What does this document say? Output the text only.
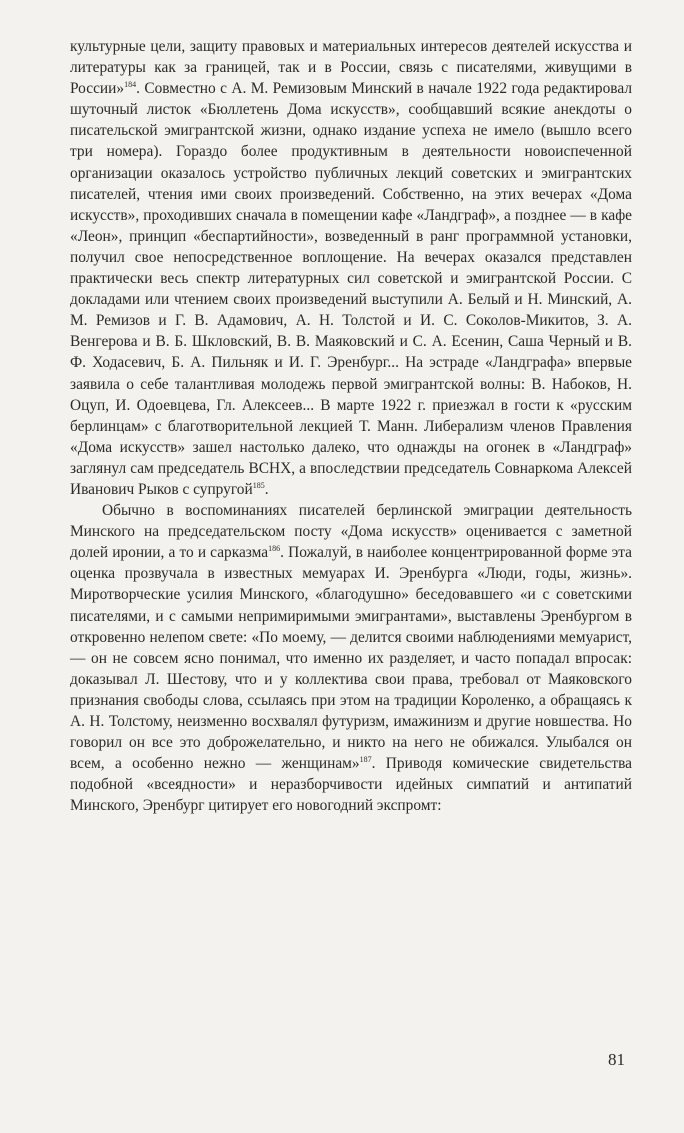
культурные цели, защиту правовых и материальных интересов деятелей искусства и литературы как за границей, так и в России, связь с писателями, живущими в России»$^{184}$. Совместно с А. М. Ремизовым Минский в начале 1922 года редактировал шуточный листок «Бюллетень Дома искусств», сообщавший всякие анекдоты о писательской эмигрантской жизни, однако издание успеха не имело (вышло всего три номера). Гораздо более продуктивным в деятельности новоиспеченной организации оказалось устройство публичных лекций советских и эмигрантских писателей, чтения ими своих произведений. Собственно, на этих вечерах «Дома искусств», проходивших сначала в помещении кафе «Ландграф», а позднее — в кафе «Леон», принцип «беспартийности», возведенный в ранг программной установки, получил свое непосредственное воплощение. На вечерах оказался представлен практически весь спектр литературных сил советской и эмигрантской России. С докладами или чтением своих произведений выступили А. Белый и Н. Минский, А. М. Ремизов и Г. В. Адамович, А. Н. Толстой и И. С. Соколов-Микитов, З. А. Венгерова и В. Б. Шкловский, В. В. Маяковский и С. А. Есенин, Саша Черный и В. Ф. Ходасевич, Б. А. Пильняк и И. Г. Эренбург... На эстраде «Ландграфа» впервые заявила о себе талантливая молодежь первой эмигрантской волны: В. Набоков, Н. Оцуп, И. Одоевцева, Гл. Алексеев... В марте 1922 г. приезжал в гости к «русским берлинцам» с благотворительной лекцией Т. Манн. Либерализм членов Правления «Дома искусств» зашел настолько далеко, что однажды на огонек в «Ландграф» заглянул сам председатель ВСНХ, а впоследствии председатель Совнаркома Алексей Иванович Рыков с супругой$^{185}$.

Обычно в воспоминаниях писателей берлинской эмиграции деятельность Минского на председательском посту «Дома искусств» оценивается с заметной долей иронии, а то и сарказма$^{186}$. Пожалуй, в наиболее концентрированной форме эта оценка прозвучала в известных мемуарах И. Эренбурга «Люди, годы, жизнь». Миротворческие усилия Минского, «благодушно» беседовавшего «и с советскими писателями, и с самыми непримиримыми эмигрантами», выставлены Эренбургом в откровенно нелепом свете: «По моему, — делится своими наблюдениями мемуарист, — он не совсем ясно понимал, что именно их разделяет, и часто попадал впросак: доказывал Л. Шестову, что и у коллектива свои права, требовал от Маяковского признания свободы слова, ссылаясь при этом на традиции Короленко, а обращаясь к А. Н. Толстому, неизменно восхвалял футуризм, имажинизм и другие новшества. Но говорил он все это доброжелательно, и никто на него не обижался. Улыбался он всем, а особенно нежно — женщинам»$^{187}$. Приводя комические свидетельства подобной «всеядности» и неразборчивости идейных симпатий и антипатий Минского, Эренбург цитирует его новогодний экспромт:

81
